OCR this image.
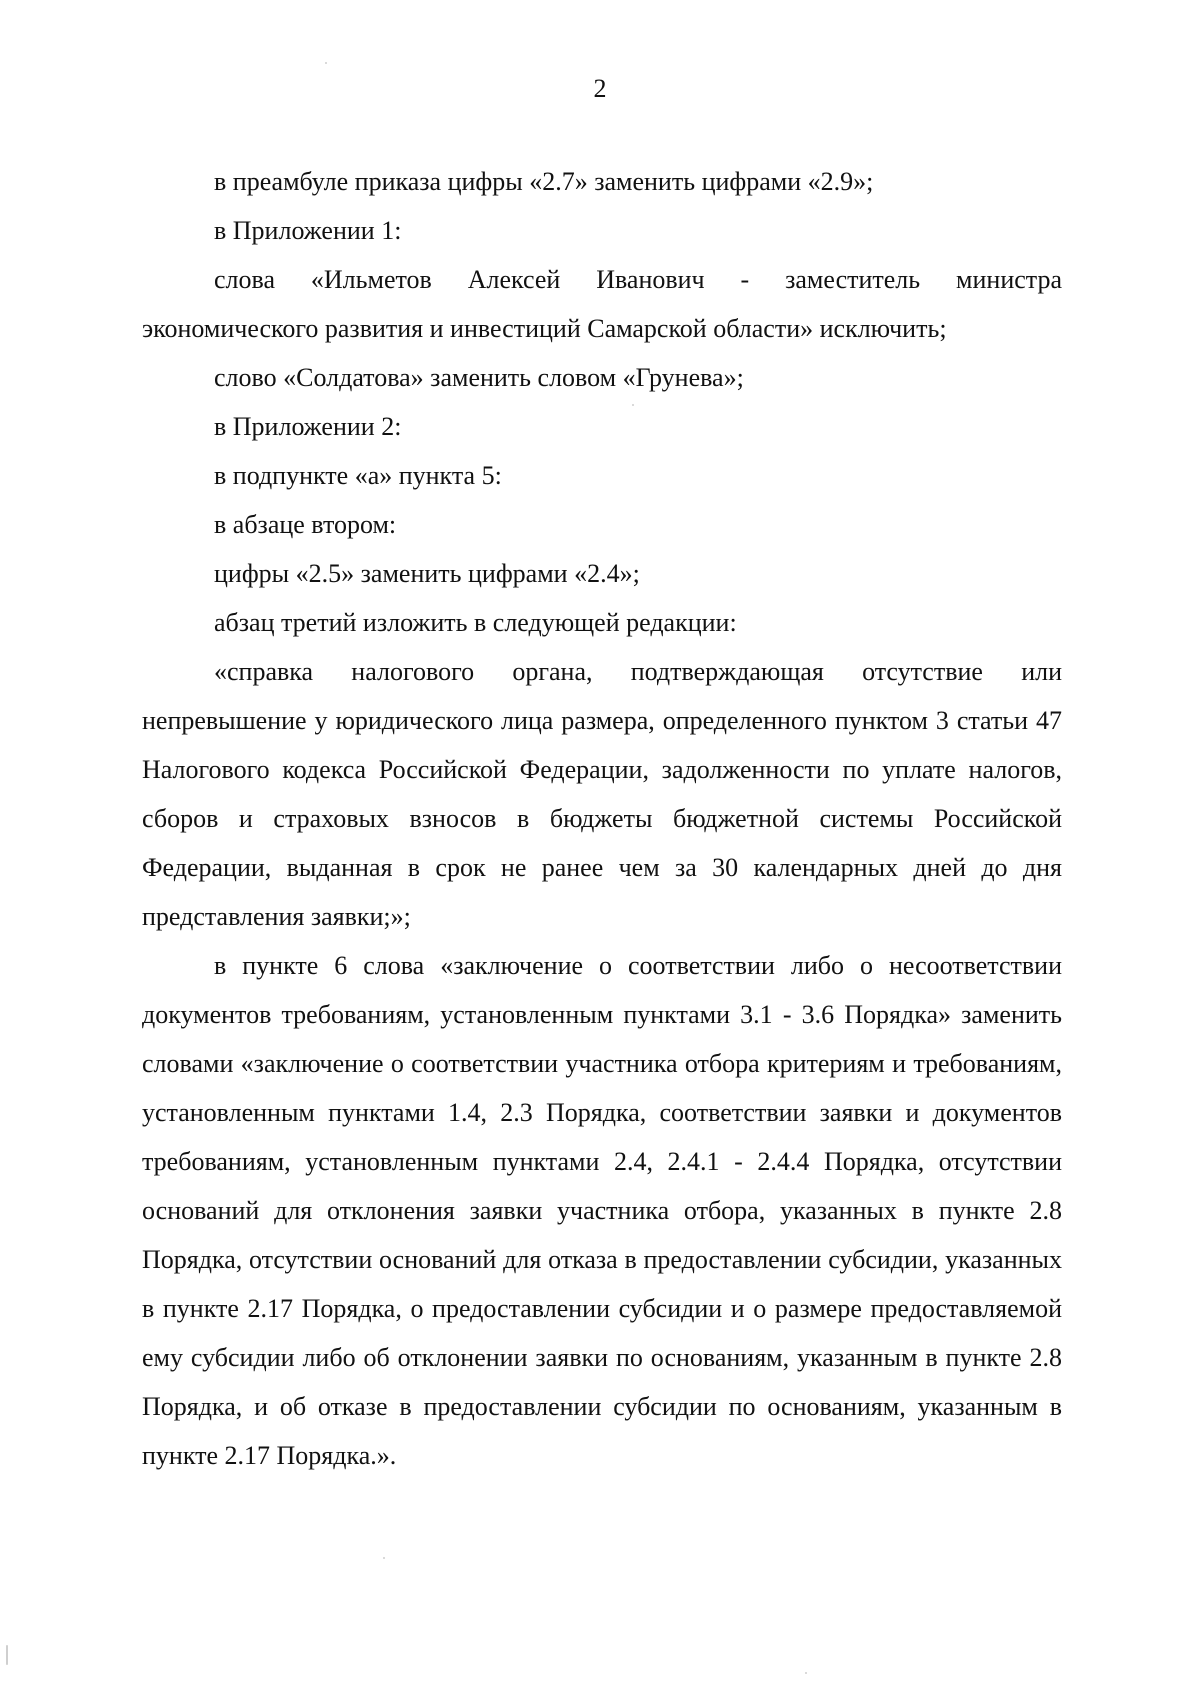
2

в преамбуле приказа цифры «2.7» заменить цифрами «2.9»;

в Приложении 1:

слова «Ильметов Алексей Иванович - заместитель министра экономического развития и инвестиций Самарской области» исключить;

слово «Солдатова» заменить словом «Грунева»;

в Приложении 2:

в подпункте «а» пункта 5:

в абзаце втором:

цифры «2.5» заменить цифрами «2.4»;

абзац третий изложить в следующей редакции:

«справка налогового органа, подтверждающая отсутствие или непревышение у юридического лица размера, определенного пунктом 3 статьи 47 Налогового кодекса Российской Федерации, задолженности по уплате налогов, сборов и страховых взносов в бюджеты бюджетной системы Российской Федерации, выданная в срок не ранее чем за 30 календарных дней до дня представления заявки;»;

в пункте 6 слова «заключение о соответствии либо о несоответствии документов требованиям, установленным пунктами 3.1 - 3.6 Порядка» заменить словами «заключение о соответствии участника отбора критериям и требованиям, установленным пунктами 1.4, 2.3 Порядка, соответствии заявки и документов требованиям, установленным пунктами 2.4, 2.4.1 - 2.4.4 Порядка, отсутствии оснований для отклонения заявки участника отбора, указанных в пункте 2.8 Порядка, отсутствии оснований для отказа в предоставлении субсидии, указанных в пункте 2.17 Порядка, о предоставлении субсидии и о размере предоставляемой ему субсидии либо об отклонении заявки по основаниям, указанным в пункте 2.8 Порядка, и об отказе в предоставлении субсидии по основаниям, указанным в пункте 2.17 Порядка.».
